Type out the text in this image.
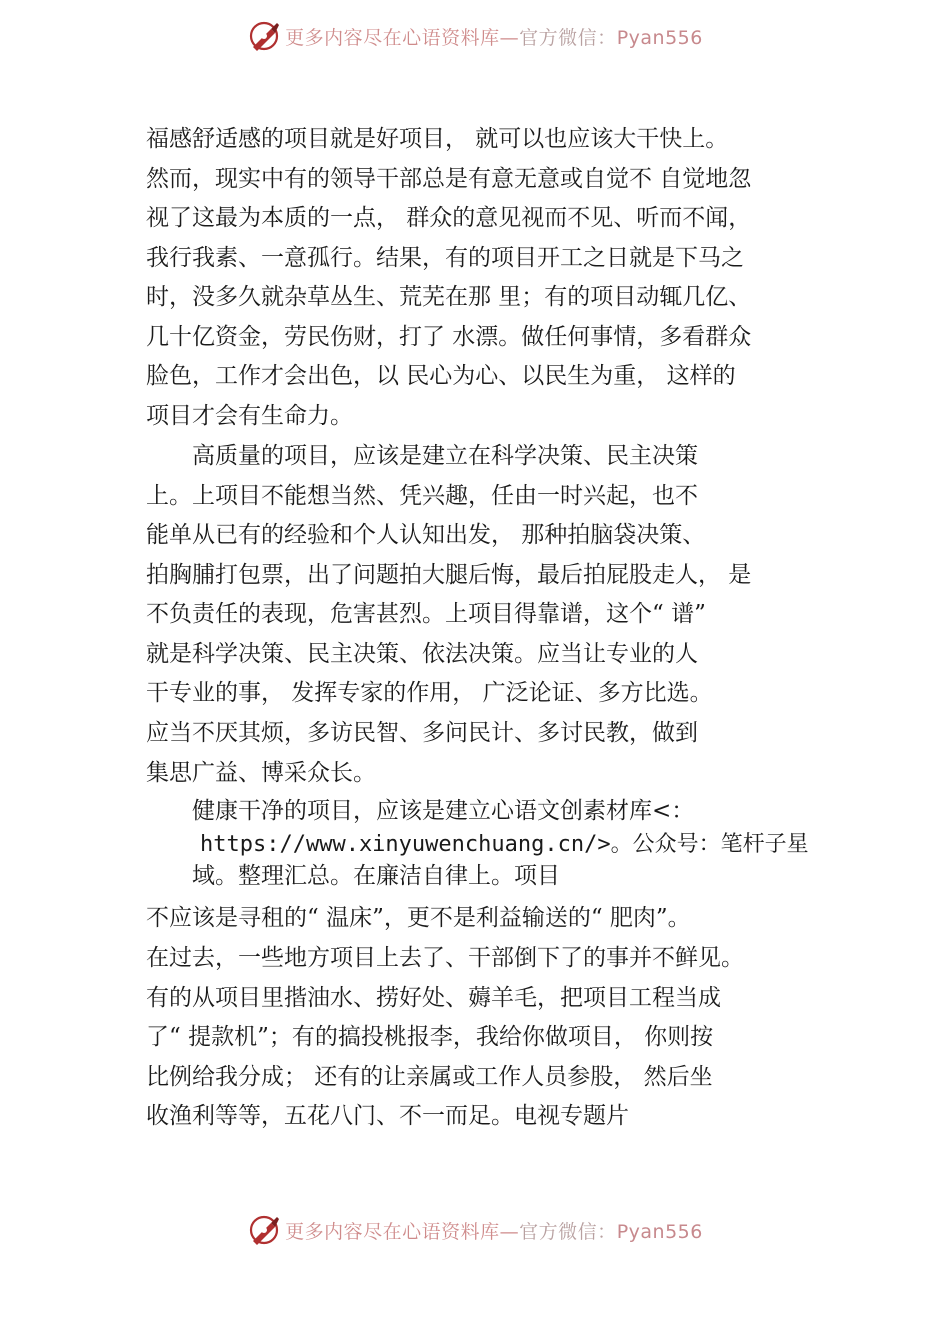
更多内容尽在心语资料库—官方微信：Pyan556
福感舒适感的项目就是好项目， 就可以也应该大干快上。
然而，现实中有的领导干部总是有意无意或自觉不 自觉地忽
视了这最为本质的一点， 群众的意见视而不见、听而不闻，
我行我素、一意孤行。结果，有的项目开工之日就是下马之
时，没多久就杂草丛生、荒芜在那 里；有的项目动辄几亿、
几十亿资金，劳民伤财，打了 水漂。做任何事情，多看群众
脸色，工作才会出色，以 民心为心、以民生为重， 这样的
项目才会有生命力。
　　高质量的项目，应该是建立在科学决策、民主决策
上。上项目不能想当然、凭兴趣，任由一时兴起，也不
能单从已有的经验和个人认知出发， 那种拍脑袋决策、
拍胸脯打包票，出了问题拍大腿后悔，最后拍屁股走人， 是
不负责任的表现，危害甚烈。上项目得靠谱，这个“ 谱”
就是科学决策、民主决策、依法决策。应当让专业的人
干专业的事， 发挥专家的作用， 广泛论证、多方比选。
应当不厌其烦，多访民智、多问民计、多讨民教，做到
集思广益、博采众长。
　　健康干净的项目，应该是建立心语文创素材库<：
https://www.xinyuwenchuang.cn/>。公众号：笔杆子星
　　域。整理汇总。在廉洁自律上。项目
不应该是寻租的“ 温床”，更不是利益输送的“ 肥肉”。
在过去，一些地方项目上去了、干部倒下了的事并不鲜见。
有的从项目里揩油水、捞好处、薅羊毛，把项目工程当成
了“ 提款机”；有的搞投桃报李，我给你做项目， 你则按
比例给我分成； 还有的让亲属或工作人员参股， 然后坐
收渔利等等，五花八门、不一而足。电视专题片
更多内容尽在心语资料库—官方微信：Pyan556
